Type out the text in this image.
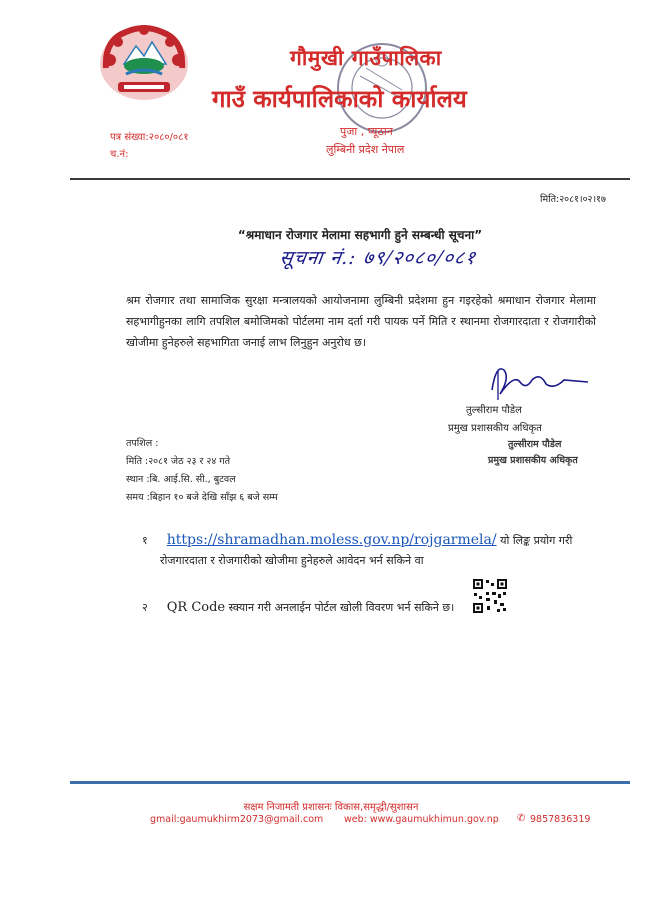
गौमुखी गाउँपालिका
गाउँ कार्यपालिकाको कार्यालय
पत्र संख्या:२०८०/०८१
च.नं:
पुजा , प्यूठान
लुम्बिनी प्रदेश नेपाल
मिति:२०८१।०२।१७
“श्रमाधान रोजगार मेलामा सहभागी हुने सम्बन्धी सूचना”
सूचना नं.: ७९/२०८०/०८१
श्रम रोजगार तथा सामाजिक सुरक्षा मन्त्रालयको आयोजनामा लुम्बिनी प्रदेशमा हुन गइरहेको श्रमाधान रोजगार मेलामा सहभागीहुनका लागि तपशिल बमोजिमको पोर्टलमा नाम दर्ता गरी पायक पर्ने मिति र स्थानमा रोजगारदाता र रोजगारीको खोजीमा हुनेहरुले सहभागिता जनाई लाभ लिनुहुन अनुरोध छ।
तुल्सीराम पौडेल
प्रमुख प्रशासकीय अधिकृत
तुल्सीराम पौडेल
प्रमुख प्रशासकीय अधिकृत
तपशिल :
मिति :२०८१ जेठ २३ र २४ गते
स्थान :बि. आई.सि. सी., बुटवल
समय :बिहान १० बजे देखि साँझ ६ बजे सम्म
१ https://shramadhan.moless.gov.np/rojgarmela/ यो लिङ्क प्रयोग गरी
रोजगारदाता र रोजगारीको खोजीमा हुनेहरुले आवेदन भर्न सकिने वा
२ QR Code स्क्यान गरी अनलाईन पोर्टल खोली विवरण भर्न सकिने छ।
सक्षम निजामती प्रशासनः विकास,समृद्धी/सुशासन
gmail:gaumukhirm2073@gmail.com web: www.gaumukhimun.gov.np ✆ 9857836319
